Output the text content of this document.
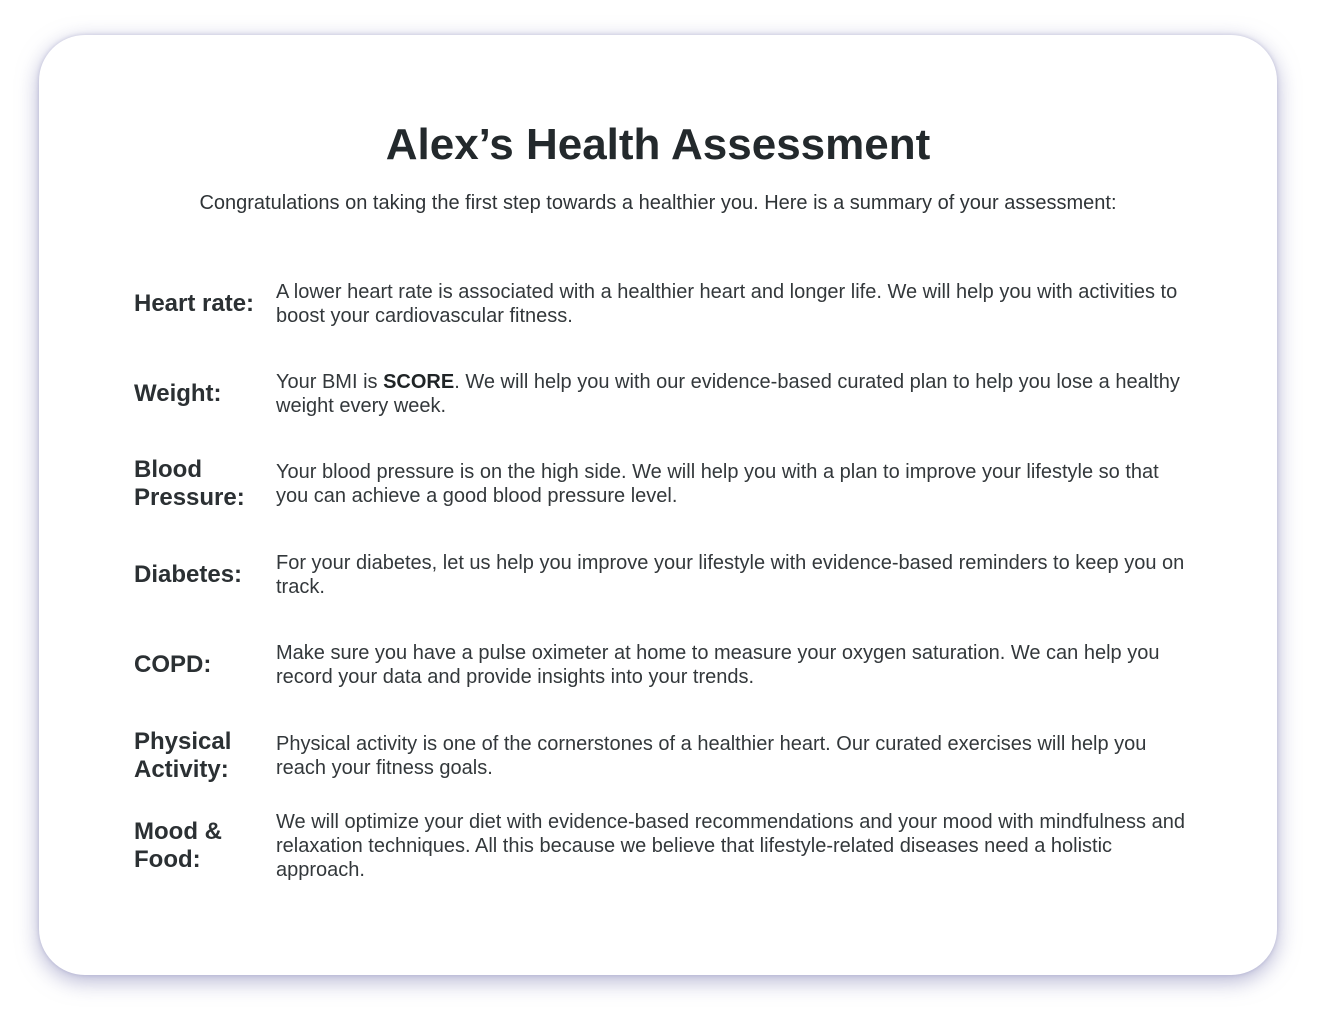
Alex’s Health Assessment
Congratulations on taking the first step towards a healthier you. Here is a summary of your assessment:
Heart rate:	A lower heart rate is associated with a healthier heart and longer life. We will help you with activities to boost your cardiovascular fitness.
Weight:	Your BMI is SCORE. We will help you with our evidence-based curated plan to help you lose a healthy weight every week.
Blood Pressure:
Your blood pressure is on the high side. We will help you with a plan to improve your lifestyle so that you can achieve a good blood pressure level.
Diabetes:	For your diabetes, let us help you improve your lifestyle with evidence-based reminders to keep you on track.
COPD:	Make sure you have a pulse oximeter at home to measure your oxygen saturation. We can help you record your data and provide insights into your trends.
Physical Activity:
Physical activity is one of the cornerstones of a healthier heart. Our curated exercises will help you reach your fitness goals.
Mood & Food:
We will optimize your diet with evidence-based recommendations and your mood with mindfulness and relaxation techniques. All this because we believe that lifestyle-related diseases need a holistic approach.
